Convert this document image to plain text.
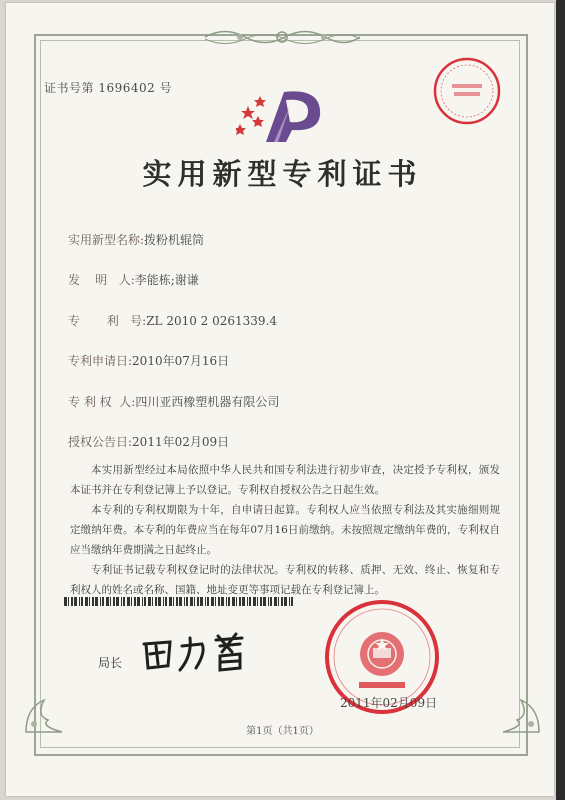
证书号第 1696402 号
实用新型专利证书
实用新型名称:拨粉机辊筒
发    明   人:李能栋;谢谦
专       利   号:ZL 2010 2 0261339.4
专利申请日:2010年07月16日
专 利 权  人:四川亚西橡塑机器有限公司
授权公告日:2011年02月09日

本实用新型经过本局依照中华人民共和国专利法进行初步审查，决定授予专利权，颁发本证书并在专利登记簿上予以登记。专利权自授权公告之日起生效。

本专利的专利权期限为十年，自申请日起算。专利权人应当依照专利法及其实施细则规定缴纳年费。本专利的年费应当在每年07月16日前缴纳。未按照规定缴纳年费的，专利权自应当缴纳年费期满之日起终止。

专利证书记载专利权登记时的法律状况。专利权的转移、质押、无效、终止、恢复和专利权人的姓名或名称、国籍、地址变更等事项记载在专利登记簿上。

局长
2011年02月09日
第1页（共1页）
